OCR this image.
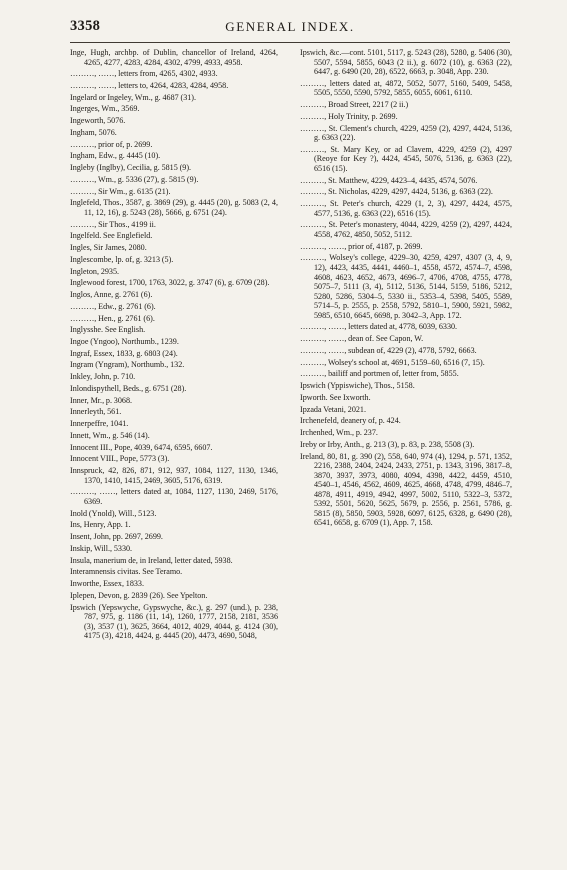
3358	GENERAL INDEX.
Inge, Hugh, archbp. of Dublin, chancellor of Ireland, 4264, 4265, 4277, 4283, 4284, 4302, 4799, 4933, 4958.
………, ……, letters from, 4265, 4302, 4933.
………, ……, letters to, 4264, 4283, 4284, 4958.
Ingelard or Ingeley, Wm., g. 4687 (31).
Ingerges, Wm., 3569.
Ingeworth, 5076.
Ingham, 5076.
………, prior of, p. 2699.
Ingham, Edw., g. 4445 (10).
Ingleby (Inglby), Cecilia, g. 5815 (9).
………, Wm., g. 5336 (27), g. 5815 (9).
………, Sir Wm., g. 6135 (21).
Inglefeld, Thos., 3587, g. 3869 (29), g. 4445 (20), g. 5083 (2, 4, 11, 12, 16), g. 5243 (28), 5666, g. 6751 (24).
………, Sir Thos., 4199 ii.
Ingelfeld. See Englefield.
Ingles, Sir James, 2080.
Inglescombe, lp. of, g. 3213 (5).
Ingleton, 2935.
Inglewood forest, 1700, 1763, 3022, g. 3747 (6), g. 6709 (28).
Inglos, Anne, g. 2761 (6).
………, Edw., g. 2761 (6).
………, Hen., g. 2761 (6).
Inglysshe. See English.
Ingoe (Yngoo), Northumb., 1239.
Ingraf, Essex, 1833, g. 6803 (24).
Ingram (Yngram), Northumb., 132.
Inkley, John, p. 710.
Inlondispythell, Beds., g. 6751 (28).
Inner, Mr., p. 3068.
Innerleyth, 561.
Innerpeffre, 1041.
Innett, Wm., g. 546 (14).
Innocent III., Pope, 4039, 6474, 6595, 6607.
Innocent VIII., Pope, 5773 (3).
Innspruck, 42, 826, 871, 912, 937, 1084, 1127, 1130, 1346, 1370, 1410, 1415, 2469, 3605, 5176, 6319.
………, ……, letters dated at, 1084, 1127, 1130, 2469, 5176, 6369.
Inold (Ynold), Will., 5123.
Ins, Henry, App. 1.
Insent, John, pp. 2697, 2699.
Inskip, Will., 5330.
Insula, manerium de, in Ireland, letter dated, 5938.
Interamnensis civitas. See Teramo.
Inworthe, Essex, 1833.
Iplepen, Devon, g. 2839 (26). See Ypelton.
Ipswich (Yepswyche, Gypswyche, &c.), g. 297 (und.), p. 238, 787, 975, g. 1186 (11, 14), 1260, 1777, 2158, 2181, 3536 (3), 3537 (1), 3625, 3664, 4012, 4029, 4044, g. 4124 (30), 4175 (3), 4218, 4424, g. 4445 (20), 4473, 4690, 5048,
Ipswich, &c.—cont. 5101, 5117, g. 5243 (28), 5280, g. 5406 (30), 5507, 5594, 5855, 6043 (2 ii.), g. 6072 (10), g. 6363 (22), 6447, g. 6490 (20, 28), 6522, 6663, p. 3048, App. 230.
………, letters dated at, 4872, 5052, 5077, 5160, 5409, 5458, 5505, 5550, 5590, 5792, 5855, 6055, 6061, 6110.
………, Broad Street, 2217 (2 ii.)
………, Holy Trinity, p. 2699.
………, St. Clement's church, 4229, 4259 (2), 4297, 4424, 5136, g. 6363 (22).
………, St. Mary Key, or ad Clavem, 4229, 4259 (2), 4297 (Reoye for Key ?), 4424, 4545, 5076, 5136, g. 6363 (22), 6516 (15).
………, St. Matthew, 4229, 4423–4, 4435, 4574, 5076.
………, St. Nicholas, 4229, 4297, 4424, 5136, g. 6363 (22).
………, St. Peter's church, 4229 (1, 2, 3), 4297, 4424, 4575, 4577, 5136, g. 6363 (22), 6516 (15).
………, St. Peter's monastery, 4044, 4229, 4259 (2), 4297, 4424, 4558, 4762, 4850, 5052, 5112.
………, ……, prior of, 4187, p. 2699.
………, Wolsey's college, 4229–30, 4259, 4297, 4307 (3, 4, 9, 12), 4423, 4435, 4441, 4460–1, 4558, 4572, 4574–7, 4598, 4608, 4623, 4652, 4673, 4696–7, 4706, 4708, 4755, 4778, 5075–7, 5111 (3, 4), 5112, 5136, 5144, 5159, 5186, 5212, 5280, 5286, 5304–5, 5330 ii., 5353–4, 5398, 5405, 5589, 5714–5, p. 2555, p. 2558, 5792, 5810–1, 5900, 5921, 5982, 5985, 6510, 6645, 6698, p. 3042–3, App. 172.
………, ……, letters dated at, 4778, 6039, 6330.
………, ……, dean of. See Capon, W.
………, ……, subdean of, 4229 (2), 4778, 5792, 6663.
………, Wolsey's school at, 4691, 5159–60, 6516 (7, 15).
………, bailiff and portmen of, letter from, 5855.
Ipswich (Yppiswiche), Thos., 5158.
Ipworth. See Ixworth.
Ipzada Vetani, 2021.
Irchenefeld, deanery of, p. 424.
Irchenhed, Wm., p. 237.
Ireby or Irby, Anth., g. 213 (3), p. 83, p. 238, 5508 (3).
Ireland, 80, 81, g. 390 (2), 558, 640, 974 (4), 1294, p. 571, 1352, 2216, 2388, 2404, 2424, 2433, 2751, p. 1343, 3196, 3817–8, 3870, 3937, 3973, 4080, 4094, 4398, 4422, 4459, 4510, 4540–1, 4546, 4562, 4609, 4625, 4668, 4748, 4799, 4846–7, 4878, 4911, 4919, 4942, 4997, 5002, 5110, 5322–3, 5372, 5392, 5501, 5620, 5625, 5679, p. 2556, p. 2561, 5786, g. 5815 (8), 5850, 5903, 5928, 6097, 6125, 6328, g. 6490 (28), 6541, 6658, g. 6709 (1), App. 7, 158.
